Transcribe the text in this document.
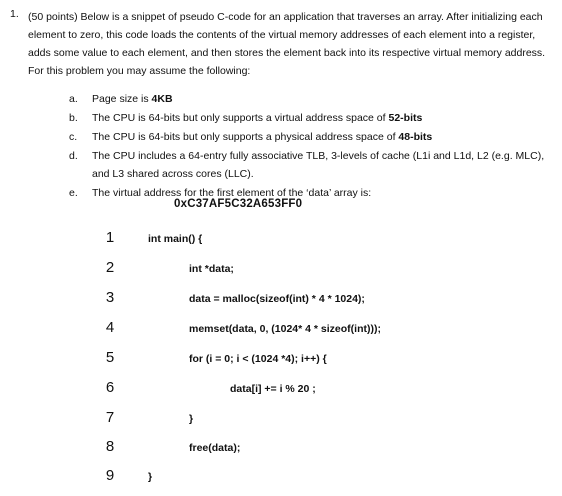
1. (50 points) Below is a snippet of pseudo C-code for an application that traverses an array. After initializing each element to zero, this code loads the contents of the virtual memory addresses of each element into a register, adds some value to each element, and then stores the element back into its respective virtual memory address. For this problem you may assume the following:
a. Page size is 4KB
b. The CPU is 64-bits but only supports a virtual address space of 52-bits
c. The CPU is 64-bits but only supports a physical address space of 48-bits
d. The CPU includes a 64-entry fully associative TLB, 3-levels of cache (L1i and L1d, L2 (e.g. MLC), and L3 shared across cores (LLC).
e. The virtual address for the first element of the ‘data’ array is:
0xC37AF5C32A653FF0
1
2
3
4
5
6
7
8
9
int main() {
int *data;
data = malloc(sizeof(int) * 4 * 1024);
memset(data, 0, (1024* 4 * sizeof(int)));
for (i = 0; i < (1024 *4); i++) {
data[i] += i % 20 ;
}
free(data);
}
